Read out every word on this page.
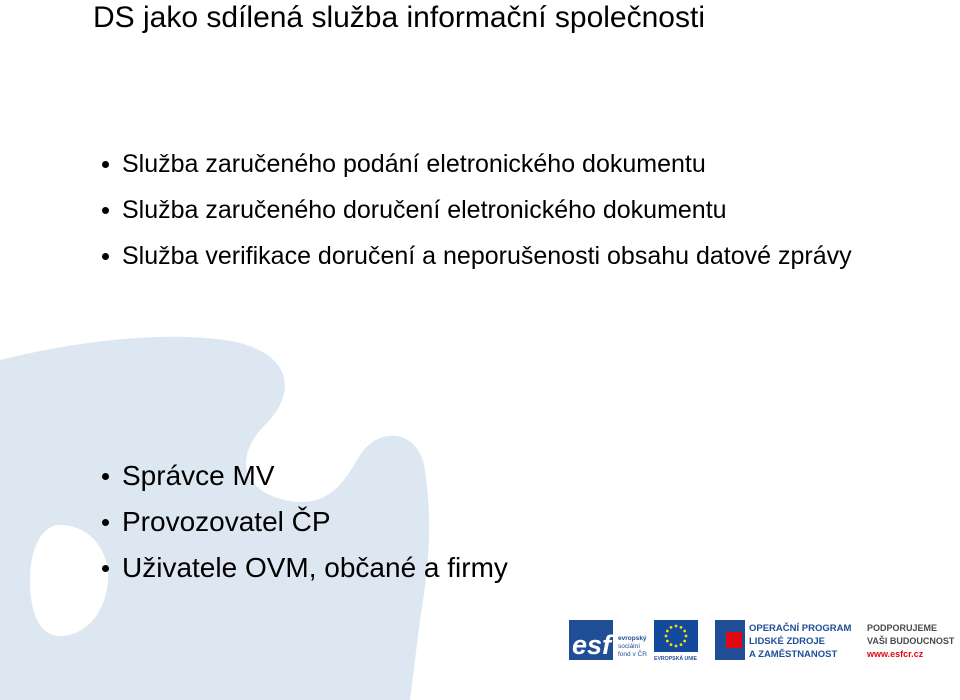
DS jako sdílená služba informační společnosti
Služba zaručeného podání eletronického dokumentu
Služba zaručeného doručení eletronického dokumentu
Služba verifikace doručení a neporušenosti obsahu datové zprávy
Správce MV
Provozovatel ČP
Uživatele OVM, občané a firmy
esf	evropský
sociální
fond v ČR
EVROPSKÁ UNIE
OPERAČNÍ PROGRAM
LIDSKÉ ZDROJE
A ZAMĚSTNANOST
PODPORUJEME
VAŠI BUDOUCNOST
www.esfcr.cz
